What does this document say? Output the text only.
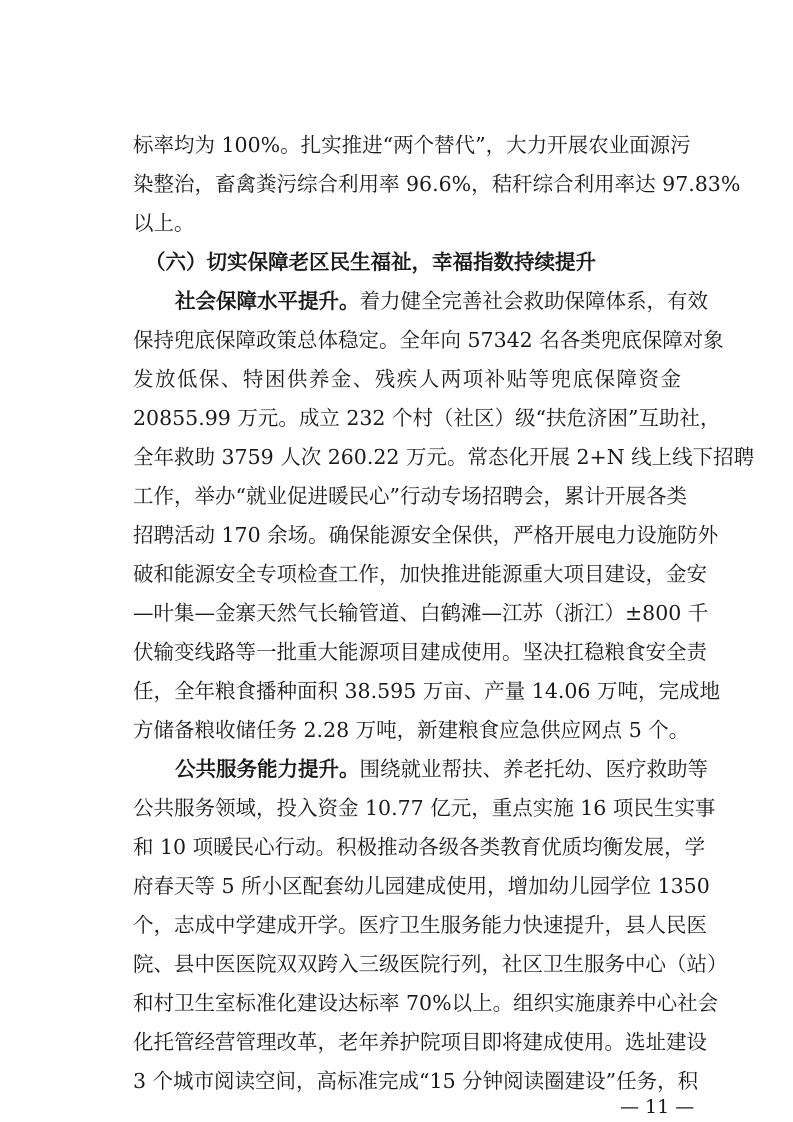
标率均为 100%。扎实推进“两个替代”，大力开展农业面源污
染整治，畜禽粪污综合利用率 96.6%，秸秆综合利用率达 97.83%
以上。
（六）切实保障老区民生福祉，幸福指数持续提升
社会保障水平提升。着力健全完善社会救助保障体系，有效
保持兜底保障政策总体稳定。全年向 57342 名各类兜底保障对象
发放低保、特困供养金、残疾人两项补贴等兜底保障资金
20855.99 万元。成立 232 个村（社区）级“扶危济困”互助社，
全年救助 3759 人次 260.22 万元。常态化开展 2+N 线上线下招聘
工作，举办“就业促进暖民心”行动专场招聘会，累计开展各类
招聘活动 170 余场。确保能源安全保供，严格开展电力设施防外
破和能源安全专项检查工作，加快推进能源重大项目建设，金安
—叶集—金寨天然气长输管道、白鹤滩—江苏（浙江）±800 千
伏输变线路等一批重大能源项目建成使用。坚决扛稳粮食安全责
任，全年粮食播种面积 38.595 万亩、产量 14.06 万吨，完成地
方储备粮收储任务 2.28 万吨，新建粮食应急供应网点 5 个。
公共服务能力提升。围绕就业帮扶、养老托幼、医疗救助等
公共服务领域，投入资金 10.77 亿元，重点实施 16 项民生实事
和 10 项暖民心行动。积极推动各级各类教育优质均衡发展，学
府春天等 5 所小区配套幼儿园建成使用，增加幼儿园学位 1350
个，志成中学建成开学。医疗卫生服务能力快速提升，县人民医
院、县中医医院双双跨入三级医院行列，社区卫生服务中心（站）
和村卫生室标准化建设达标率 70%以上。组织实施康养中心社会
化托管经营管理改革，老年养护院项目即将建成使用。选址建设
3 个城市阅读空间，高标准完成“15 分钟阅读圈建设”任务，积
— 11 —
